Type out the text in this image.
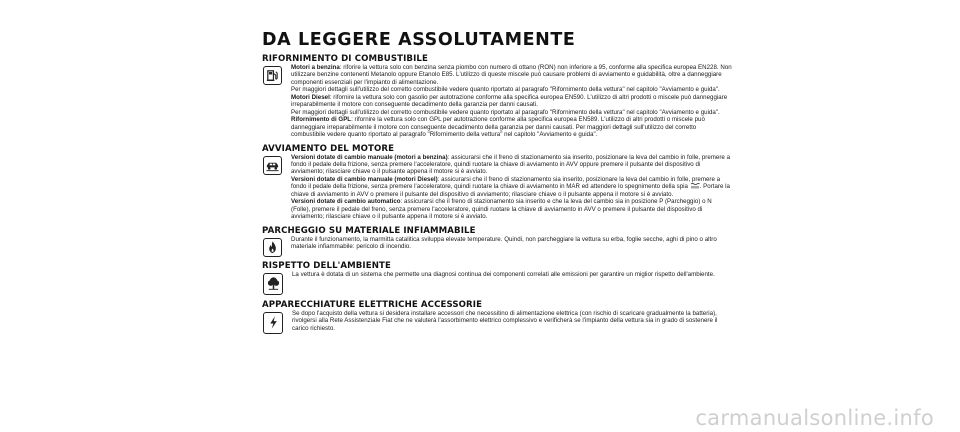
DA LEGGERE ASSOLUTAMENTE
RIFORNIMENTO DI COMBUSTIBILE

Motori a benzina: riforire la vettura solo con benzina senza piombo con numero di ottano (RON) non inferiore a 95, conforme alla specifica europea EN228. Non utilizzare benzine contenenti Metanolo oppure Etanolo E85. L'utilizzo di queste miscele può causare problemi di avviamento e guidabilità, oltre a danneggiare componenti essenziali per l'impianto di alimentazione.

Per maggiori dettagli sull'utilizzo del corretto combustibile vedere quanto riportato al paragrafo "Rifornimento della vettura" nel capitolo "Avviamento e guida".

Motori Diesel: rifornire la vettura solo con gasolio per autotrazione conforme alla specifica europea EN590. L'utilizzo di altri prodotti o miscele può danneggiare irreparabilmente il motore con conseguente decadimento della garanzia per danni causati.

Per maggiori dettagli sull'utilizzo del corretto combustibile vedere quanto riportato al paragrafo "Rifornimento della vettura" nel capitolo "Avviamento e guida".

Rifornimento di GPL: rifornire la vettura solo con GPL per autotrazione conforme alla specifica europea EN589. L'utilizzo di altri prodotti o miscele può danneggiare irreparabilmente il motore con conseguente decadimento della garanzia per danni causati. Per maggiori dettagli sull'utilizzo del corretto combustibile vedere quanto riportato al paragrafo "Rifornimento della vettura" nel capitolo "Avviamento e guida".

AVVIAMENTO DEL MOTORE

Versioni dotate di cambio manuale (motori a benzina): assicurarsi che il freno di stazionamento sia inserito, posizionare la leva del cambio in folle, premere a fondo il pedale della frizione, senza premere l'acceleratore, quindi ruotare la chiave di avviamento in AVV oppure premere il pulsante del dispositivo di avviamento; rilasciare chiave o il pulsante appena il motore si è avviato.

Versioni dotate di cambio manuale (motori Diesel): assicurarsi che il freno di stazionamento sia inserito, posizionare la leva del cambio in folle, premere a fondo il pedale della frizione, senza premere l'acceleratore, quindi ruotare la chiave di avviamento in MAR ed attendere lo spegnimento della spia . Portare la chiave di avviamento in AVV o premere il pulsante del dispositivo di avviamento; rilasciare chiave o il pulsante appena il motore si è avviato.

Versioni dotate di cambio automatico: assicurarsi che il freno di stazionamento sia inserito e che la leva del cambio sia in posizione P (Parcheggio) o N (Folle), premere il pedale del freno, senza premere l'acceleratore, quindi ruotare la chiave di avviamento in AVV o premere il pulsante del dispositivo di avviamento; rilasciare chiave o il pulsante appena il motore si è avviato.

PARCHEGGIO SU MATERIALE INFIAMMABILE

Durante il funzionamento, la marmitta catalitica sviluppa elevate temperature. Quindi, non parcheggiare la vettura su erba, foglie secche, aghi di pino o altro materiale infiammabile: pericolo di incendio.

RISPETTO DELL'AMBIENTE

La vettura è dotata di un sistema che permette una diagnosi continua dei componenti correlati alle emissioni per garantire un miglior rispetto dell'ambiente.

APPARECCHIATURE ELETTRICHE ACCESSORIE

Se dopo l'acquisto della vettura si desidera installare accessori che necessitino di alimentazione elettrica (con rischio di scaricare gradualmente la batteria), rivolgersi alla Rete Assistenziale Fiat che ne valuterà l'assorbimento elettrico complessivo e verificherà se l'impianto della vettura sia in grado di sostenere il carico richiesto.

carmanualsonline.info
